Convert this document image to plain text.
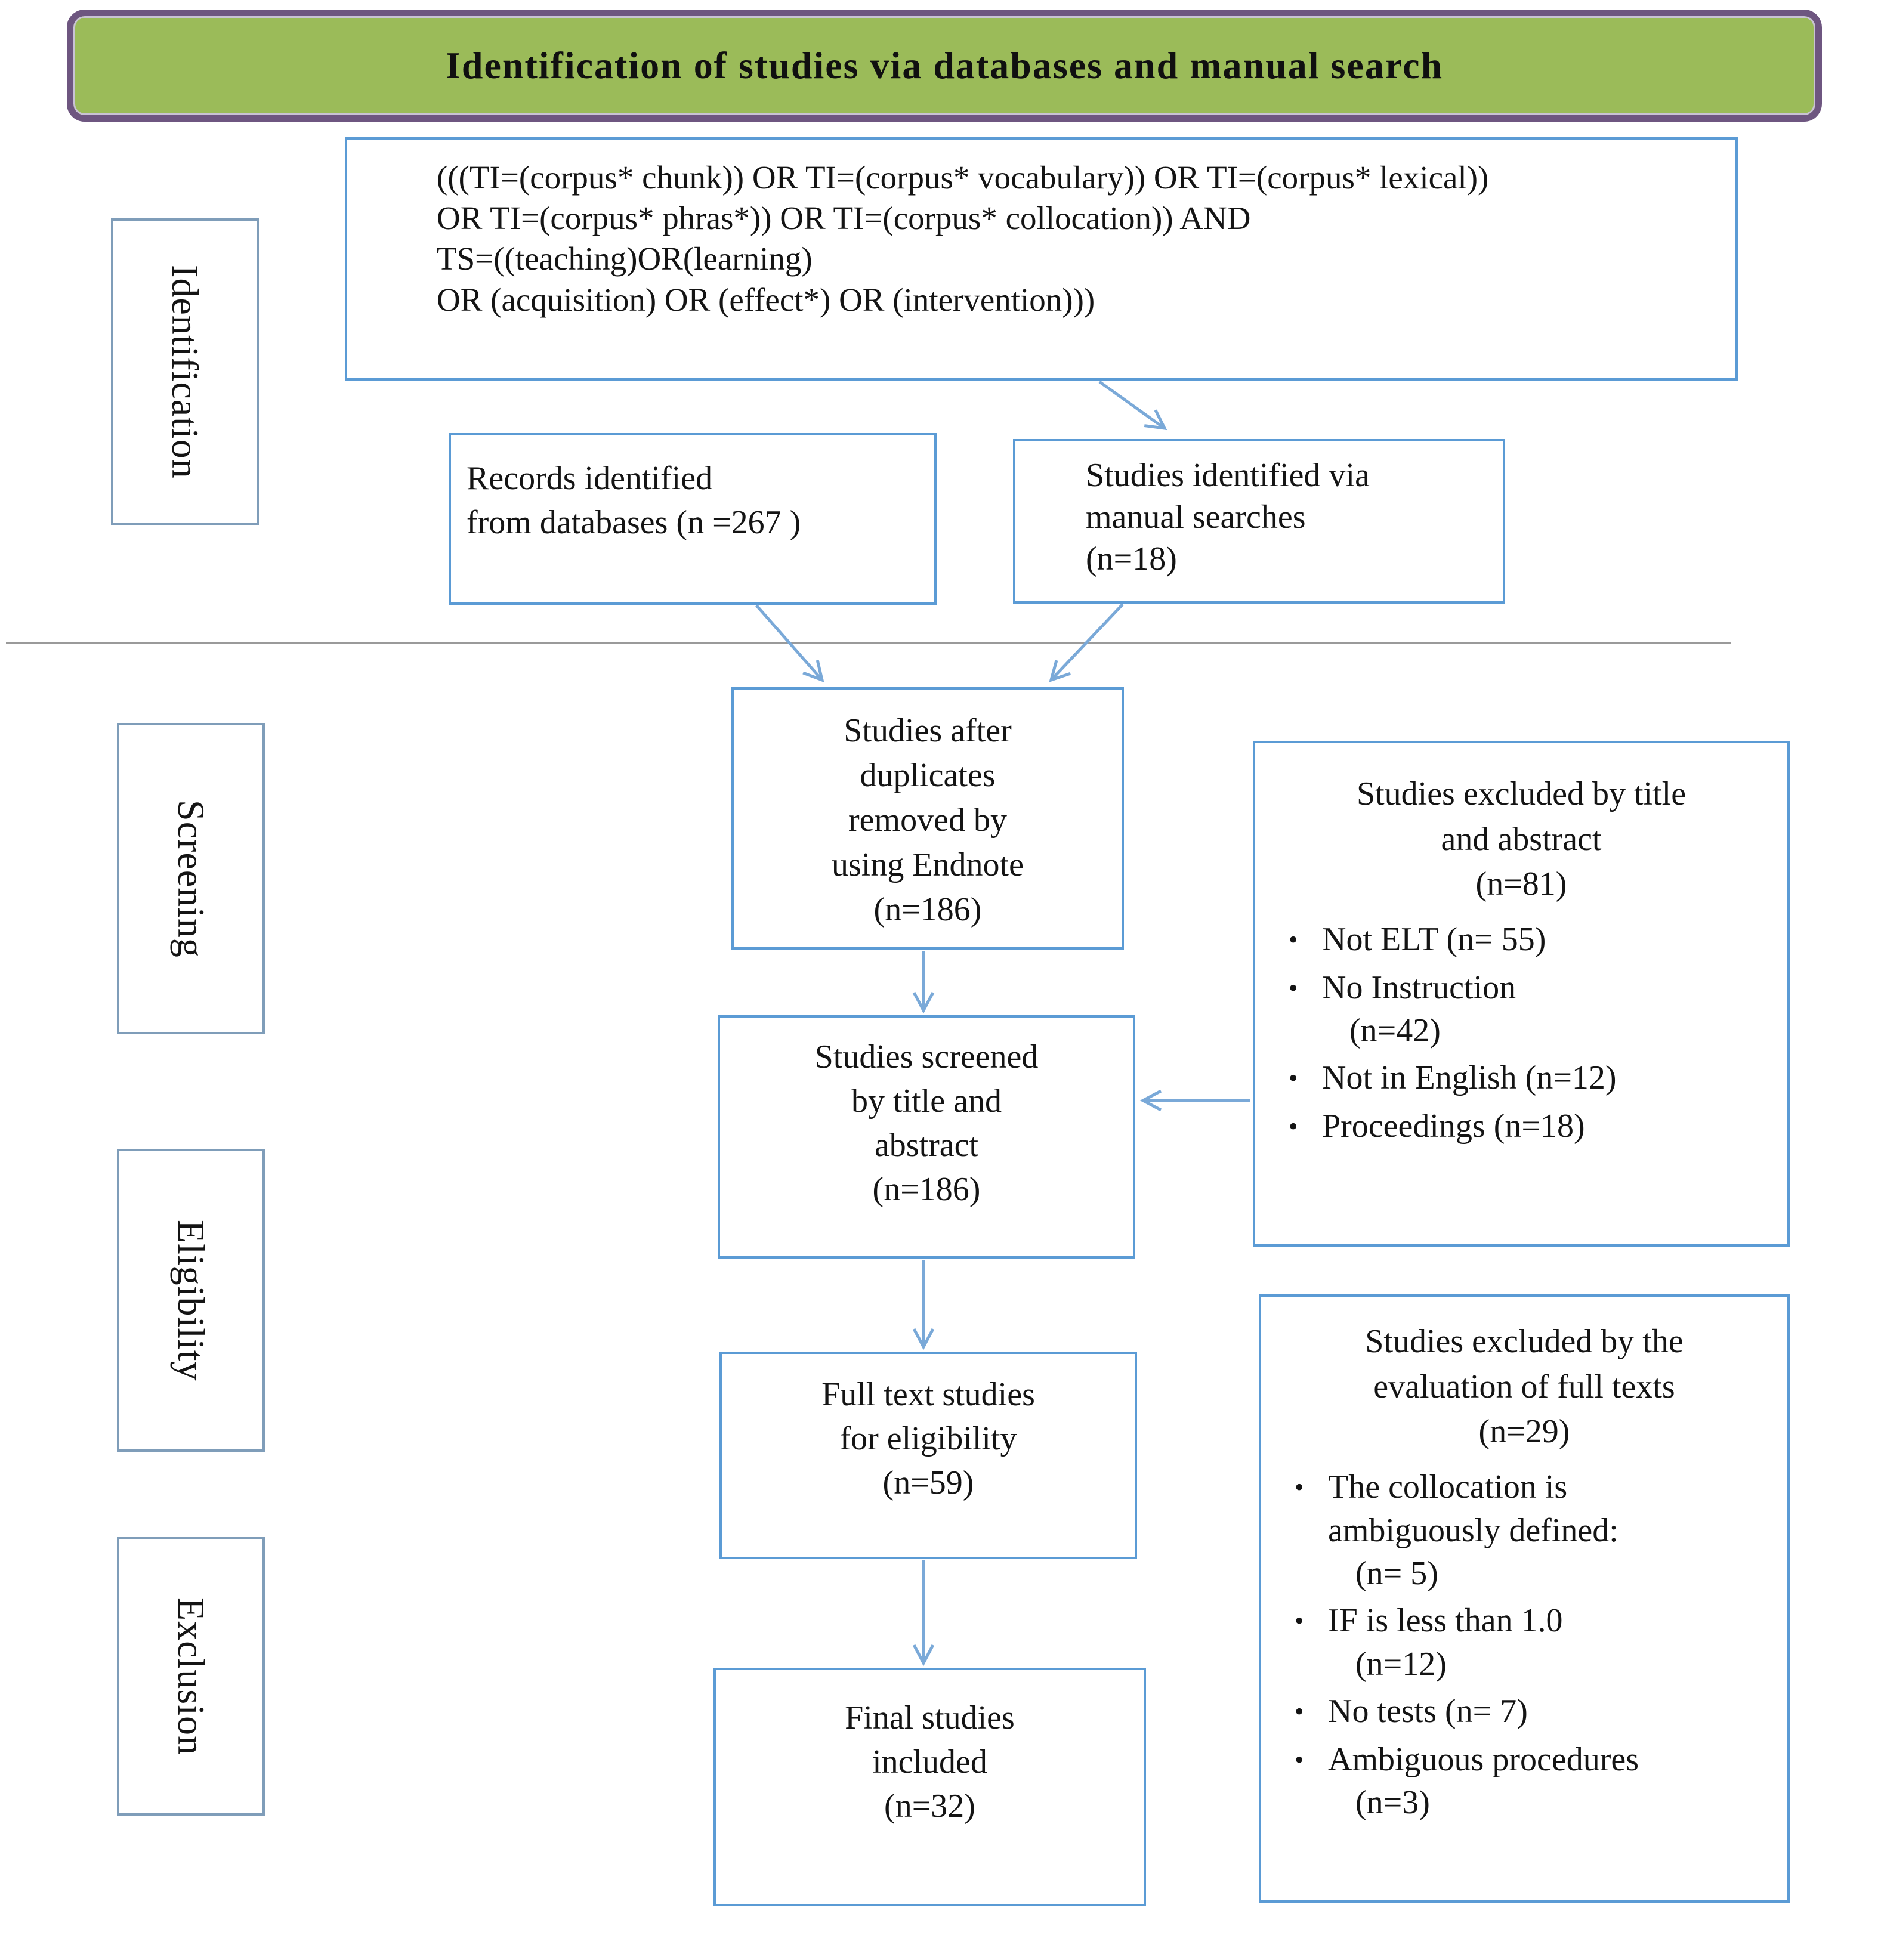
Identification of studies via databases and manual search
(((TI=(corpus* chunk)) OR TI=(corpus* vocabulary)) OR TI=(corpus* lexical))
OR TI=(corpus* phras*)) OR TI=(corpus* collocation)) AND
TS=((teaching)OR(learning)
OR (acquisition) OR (effect*) OR (intervention)))
Identification
Screening
Eligibility
Exclusion
Records identified
from databases (n =267 )
Studies identified via
manual searches
(n=18)
Studies after
duplicates
removed by
using Endnote
(n=186)
Studies excluded by title
and abstract
(n=81)
• Not ELT (n= 55)
• No Instruction
(n=42)
• Not in English (n=12)
• Proceedings (n=18)
Studies screened
by title and
abstract
(n=186)
Full text studies
for eligibility
(n=59)
Studies excluded by the
evaluation of full texts
(n=29)
• The collocation is
ambiguously defined:
(n= 5)
• IF is less than 1.0
(n=12)
• No tests (n= 7)
• Ambiguous procedures
(n=3)
Final studies
included
(n=32)
